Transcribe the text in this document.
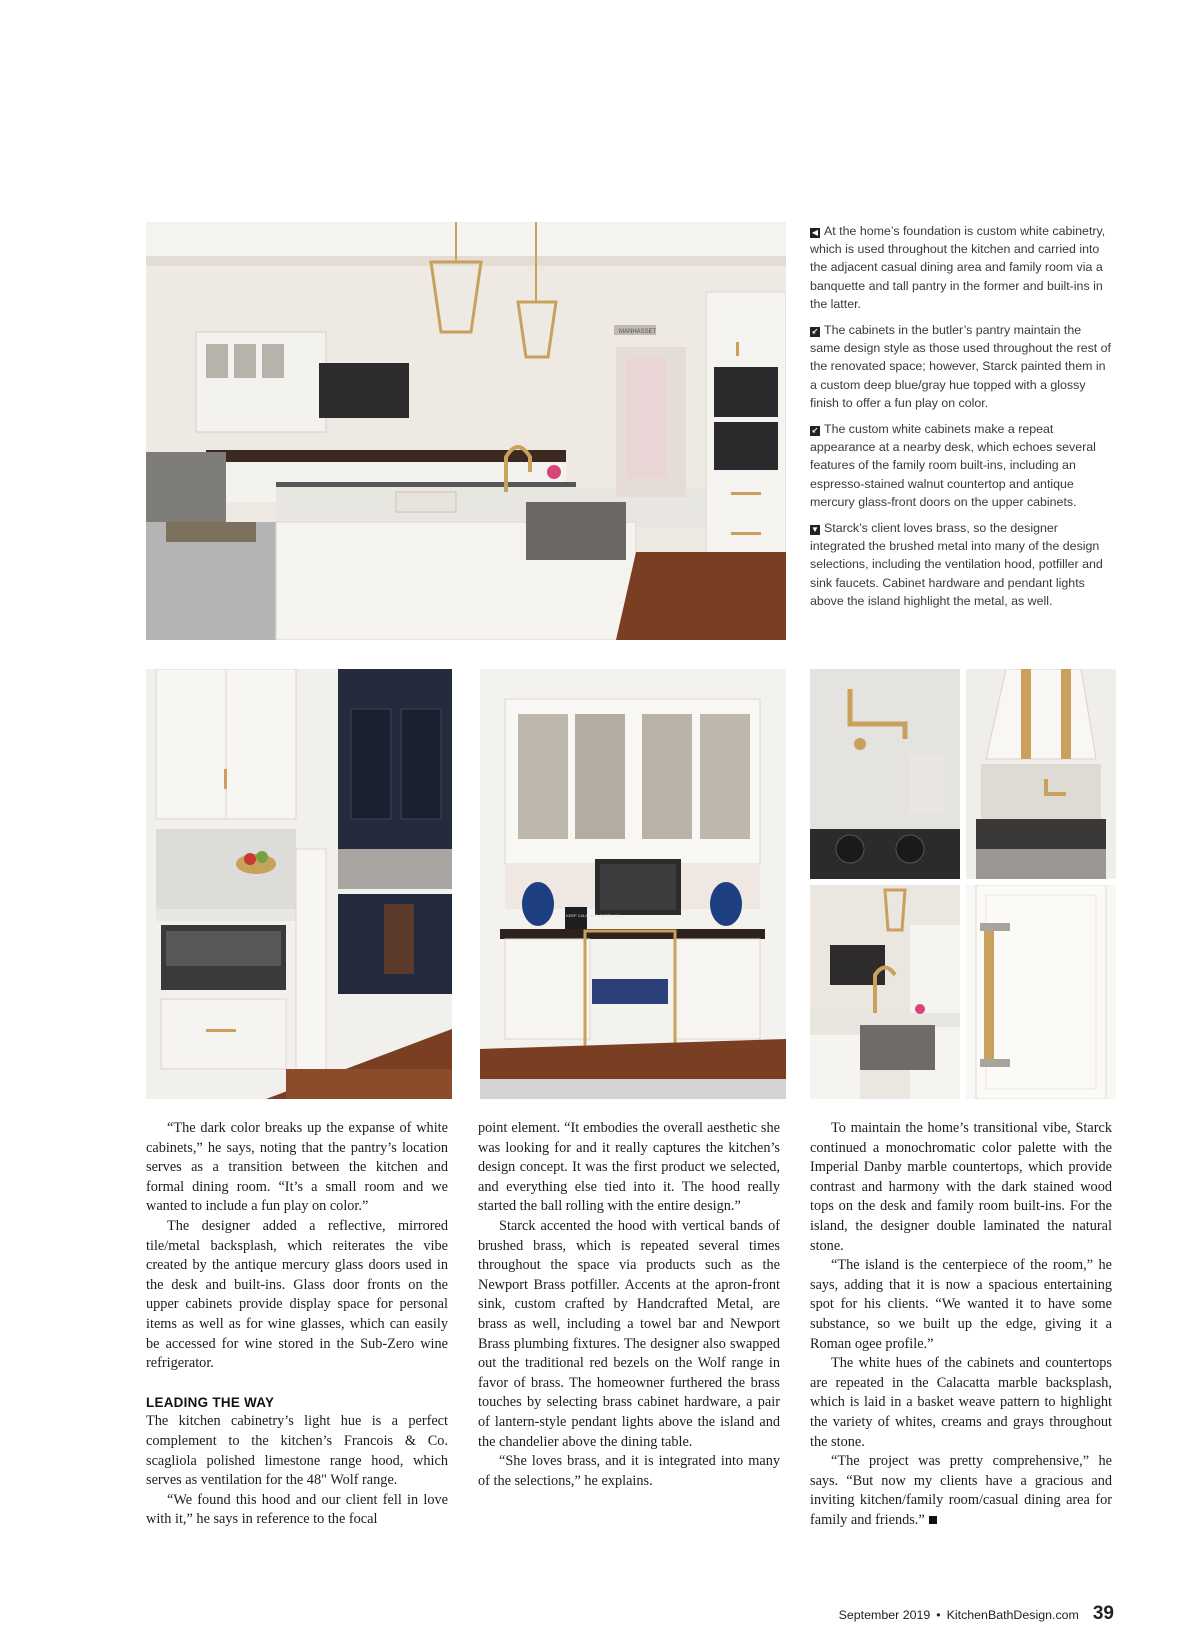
MANHASSET

◀ At the home’s foundation is custom white cabinetry, which is used throughout the kitchen and carried into the adjacent casual dining area and family room via a banquette and tall pantry in the former and built-ins in the latter.

↙ The cabinets in the butler’s pantry maintain the same design style as those used throughout the rest of the renovated space; however, Starck painted them in a custom deep blue/gray hue topped with a glossy finish to offer a fun play on color.

↙ The custom white cabinets make a repeat appearance at a nearby desk, which echoes several features of the family room built-ins, including an espresso-stained walnut countertop and antique mercury glass-front doors on the upper cabinets.

▼ Starck’s client loves brass, so the designer integrated the brushed metal into many of the design selections, including the ventilation hood, potfiller and sink faucets. Cabinet hardware and pendant lights above the island highlight the metal, as well.

KEEP CALM AND CARRY ON

“The dark color breaks up the expanse of white cabinets,” he says, noting that the pantry’s location serves as a transition between the kitchen and formal dining room. “It’s a small room and we wanted to include a fun play on color.”

The designer added a reflective, mirrored tile/metal backsplash, which reiterates the vibe created by the antique mercury glass doors used in the desk and built-ins. Glass door fronts on the upper cabinets provide display space for personal items as well as for wine glasses, which can easily be accessed for wine stored in the Sub-Zero wine refrigerator.

LEADING THE WAY

The kitchen cabinetry’s light hue is a perfect complement to the kitchen’s Francois & Co. scagliola polished limestone range hood, which serves as ventilation for the 48" Wolf range.

“We found this hood and our client fell in love with it,” he says in reference to the focal

point element. “It embodies the overall aesthetic she was looking for and it really captures the kitchen’s design concept. It was the first product we selected, and everything else tied into it. The hood really started the ball rolling with the entire design.”

Starck accented the hood with vertical bands of brushed brass, which is repeated several times throughout the space via products such as the Newport Brass potfiller. Accents at the apron-front sink, custom crafted by Handcrafted Metal, are brass as well, including a towel bar and Newport Brass plumbing fixtures. The designer also swapped out the traditional red bezels on the Wolf range in favor of brass. The homeowner furthered the brass touches by selecting brass cabinet hardware, a pair of lantern-style pendant lights above the island and the chandelier above the dining table.

“She loves brass, and it is integrated into many of the selections,” he explains.

To maintain the home’s transitional vibe, Starck continued a monochromatic color palette with the Imperial Danby marble countertops, which provide contrast and harmony with the dark stained wood tops on the desk and family room built-ins. For the island, the designer double laminated the natural stone.

“The island is the centerpiece of the room,” he says, adding that it is now a spacious entertaining spot for his clients. “We wanted it to have some substance, so we built up the edge, giving it a Roman ogee profile.”

The white hues of the cabinets and countertops are repeated in the Calacatta marble backsplash, which is laid in a basket weave pattern to highlight the variety of whites, creams and grays throughout the stone.

“The project was pretty comprehensive,” he says. “But now my clients have a gracious and inviting kitchen/family room/casual dining area for family and friends.”

September 2019 • KitchenBathDesign.com 39
